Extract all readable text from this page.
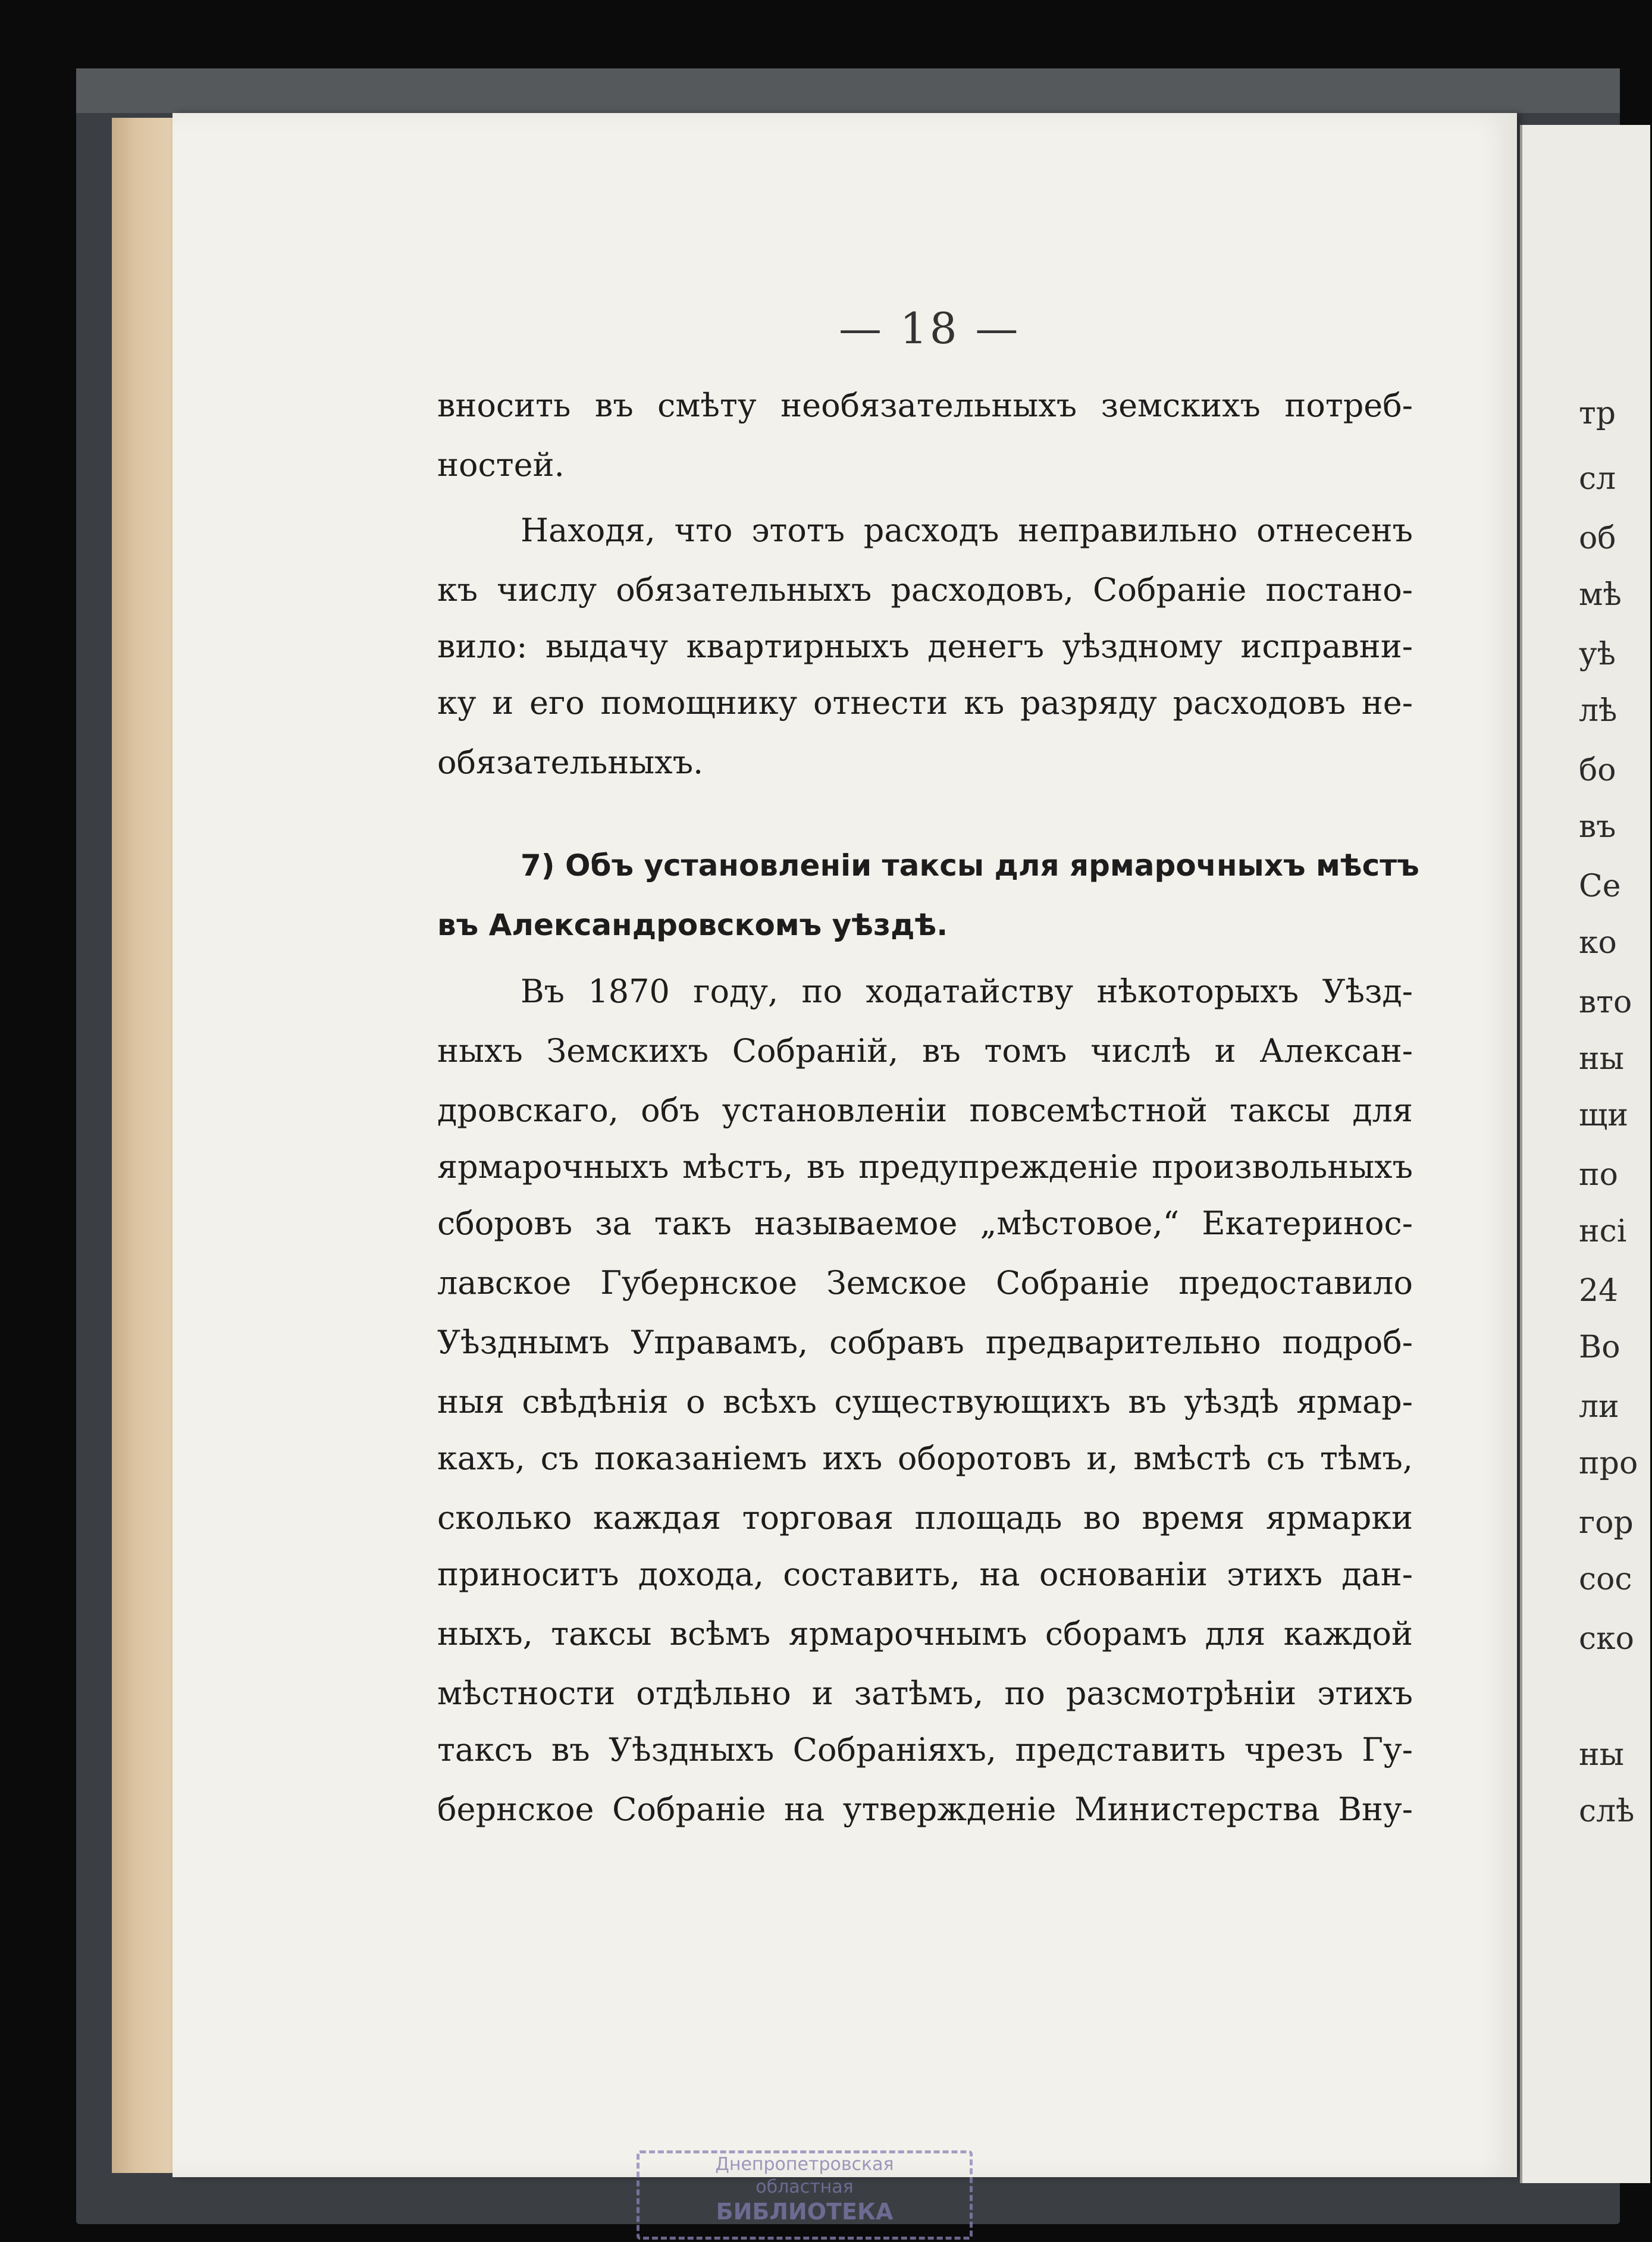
— 18 —
вносить въ смѣту необязательныхъ земскихъ потреб-
ностей.
Находя, что этотъ расходъ неправильно отнесенъ
къ числу обязательныхъ расходовъ, Собраніе постано-
вило: выдачу квартирныхъ денегъ уѣздному исправни-
ку и его помощнику отнести къ разряду расходовъ не-
обязательныхъ.
7) Объ установленіи таксы для ярмарочныхъ мѣстъ
въ Александровскомъ уѣздѣ.
Въ 1870 году, по ходатайству нѣкоторыхъ Уѣзд-
ныхъ Земскихъ Собраній, въ томъ числѣ и Алексан-
дровскаго, объ установленіи повсемѣстной таксы для
ярмарочныхъ мѣстъ, въ предупрежденіе произвольныхъ
сборовъ за такъ называемое „мѣстовое,“ Екатеринос-
лавское Губернское Земское Собраніе предоставило
Уѣзднымъ Управамъ, собравъ предварительно подроб-
ныя свѣдѣнія о всѣхъ существующихъ въ уѣздѣ ярмар-
кахъ, съ показаніемъ ихъ оборотовъ и, вмѣстѣ съ тѣмъ,
сколько каждая торговая площадь во время ярмарки
приноситъ дохода, составить, на основаніи этихъ дан-
ныхъ, таксы всѣмъ ярмарочнымъ сборамъ для каждой
мѣстности отдѣльно и затѣмъ, по разсмотрѣніи этихъ
таксъ въ Уѣздныхъ Собраніяхъ, представить чрезъ Гу-
бернское Собраніе на утвержденіе Министерства Вну-
Днепропетровская
областная
БИБЛИОТЕКА
тр
сл
об
мѣ
уѣ
лѣ
бо
въ
Се
ко
вто
ны
щи
по
нсі
24
Во
ли
про
гор
сос
ско
ны
слѣ
